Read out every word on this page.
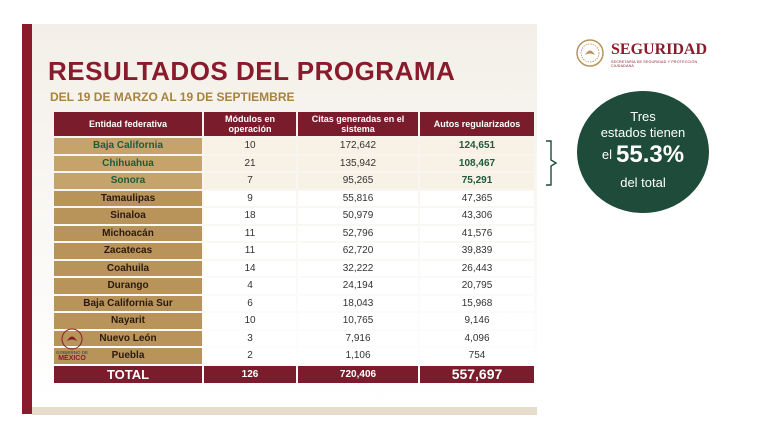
RESULTADOS DEL PROGRAMA
DEL 19 DE MARZO AL 19 DE SEPTIEMBRE
SEGURIDAD
SECRETARÍA DE SEGURIDAD Y PROTECCIÓN CIUDADANA
Entidad federativa	Módulos en operación	Citas generadas en el sistema	Autos regularizados
Baja California	10	172,642	124,651
Chihuahua	21	135,942	108,467
Sonora	7	95,265	75,291
Tamaulipas	9	55,816	47,365
Sinaloa	18	50,979	43,306
Michoacán	11	52,796	41,576
Zacatecas	11	62,720	39,839
Coahuila	14	32,222	26,443
Durango	4	24,194	20,795
Baja California Sur	6	18,043	15,968
Nayarit	10	10,765	9,146
Nuevo León	3	7,916	4,096
Puebla	2	1,106	754
TOTAL	126	720,406	557,697
GOBIERNO DE
MÉXICO
Tres
estados tienen
el 55.3%
del total
